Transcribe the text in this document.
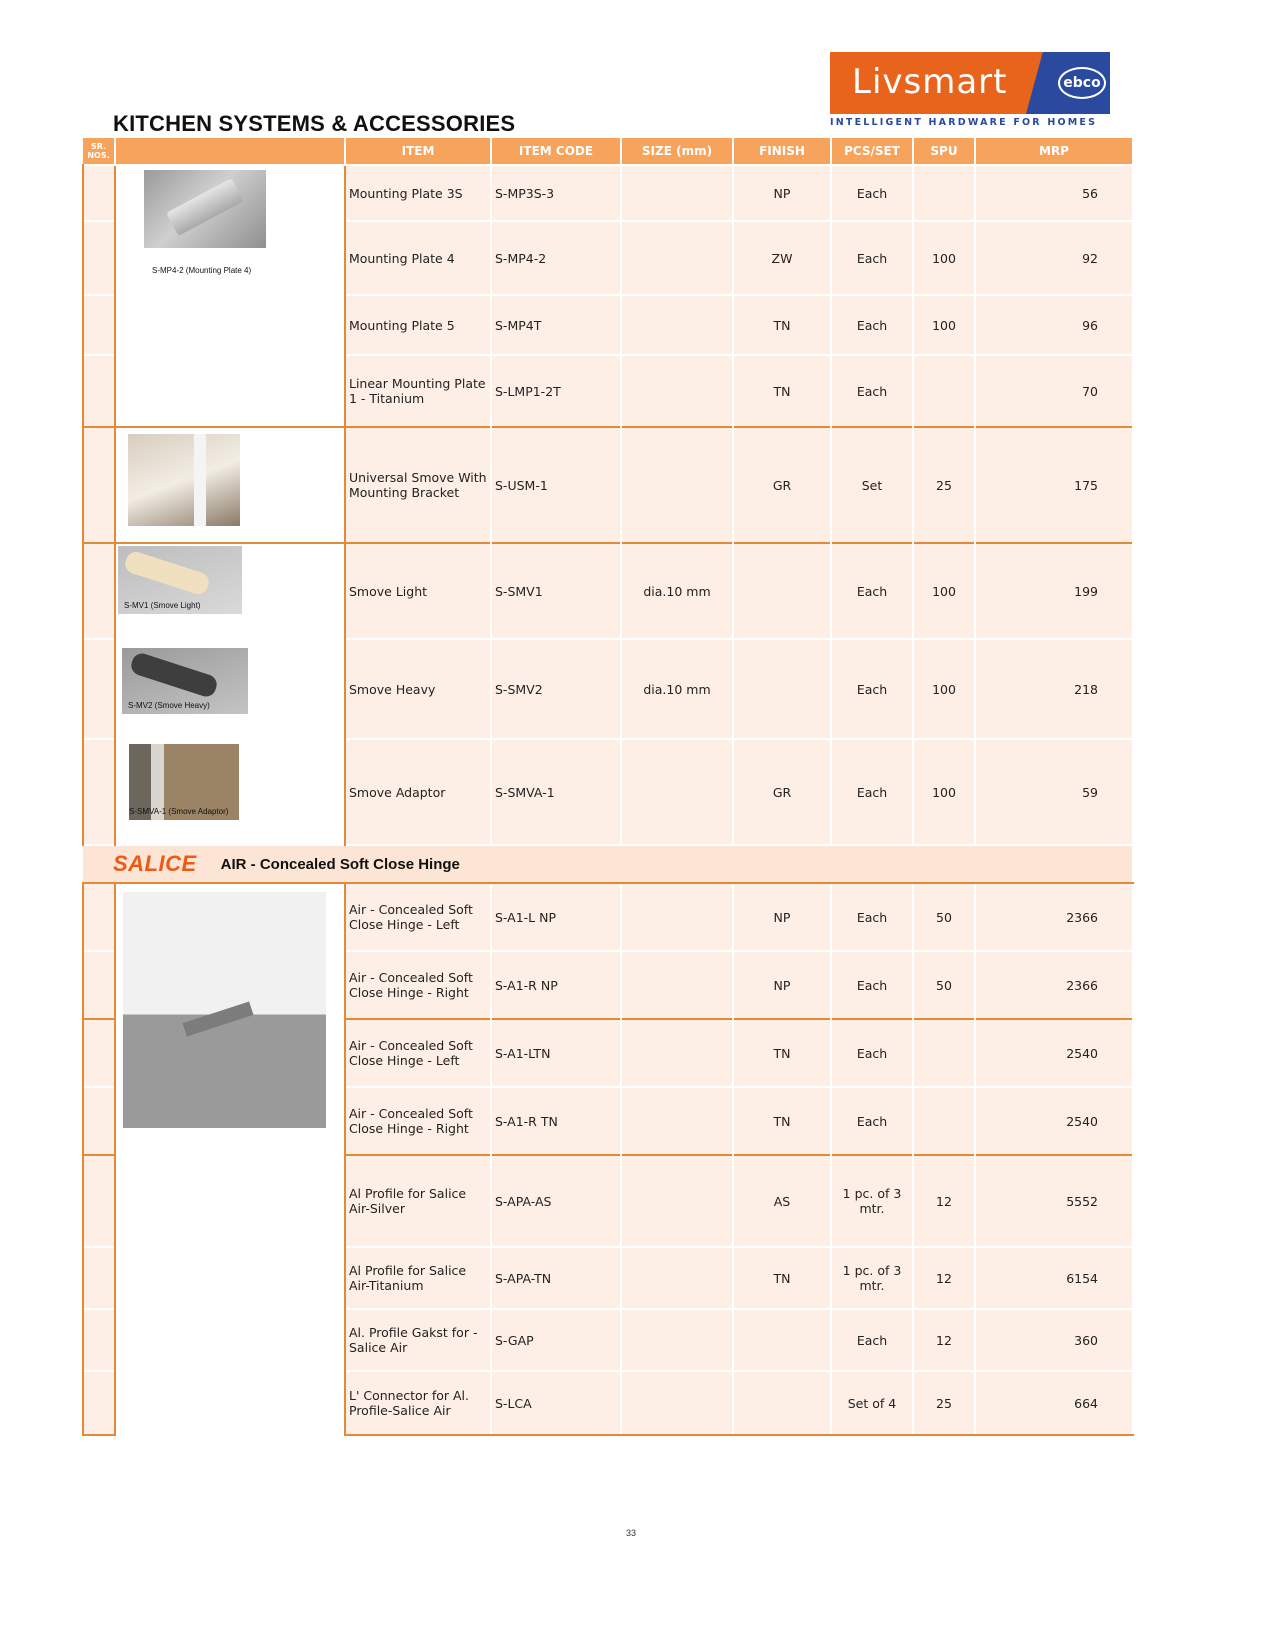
KITCHEN SYSTEMS & ACCESSORIES
Livsmart	ebco
INTELLIGENT HARDWARE FOR HOMES
SR. NOS.		ITEM	ITEM CODE	SIZE (mm)	FINISH	PCS/SET	SPU	MRP

	S-MP4-2 (Mounting Plate 4)	Mounting Plate 3S	S-MP3S-3		NP	Each		56
		Mounting Plate 4	S-MP4-2		ZW	Each	100	92
		Mounting Plate 5	S-MP4T		TN	Each	100	96
		Linear Mounting Plate 1 - Titanium	S-LMP1-2T		TN	Each		70

	Universal Smove With Mounting Bracket	S-USM-1		GR	Set	25	175

	S-MV1 (Smove Light)	Smove Light	S-SMV1	dia.10 mm		Each	100	199

	S-MV2 (Smove Heavy)	Smove Heavy	S-SMV2	dia.10 mm		Each	100	218

	S-SMVA-1 (Smove Adaptor)	Smove Adaptor	S-SMVA-1		GR	Each	100	59
SALICE AIR - Concealed Soft Close Hinge								

	Air - Concealed Soft Close Hinge - Left	S-A1-L NP		NP	Each	50	2366
		Air - Concealed Soft Close Hinge - Right	S-A1-R NP		NP	Each	50	2366
		Air - Concealed Soft Close Hinge - Left	S-A1-LTN		TN	Each		2540
		Air - Concealed Soft Close Hinge - Right	S-A1-R TN		TN	Each		2540
		Al Profile for Salice Air-Silver	S-APA-AS		AS	1 pc. of 3 mtr.	12	5552
		Al Profile for Salice Air-Titanium	S-APA-TN		TN	1 pc. of 3 mtr.	12	6154
		Al. Profile Gakst for - Salice Air	S-GAP			Each	12	360
		L' Connector for Al. Profile-Salice Air	S-LCA			Set of 4	25	664
33
